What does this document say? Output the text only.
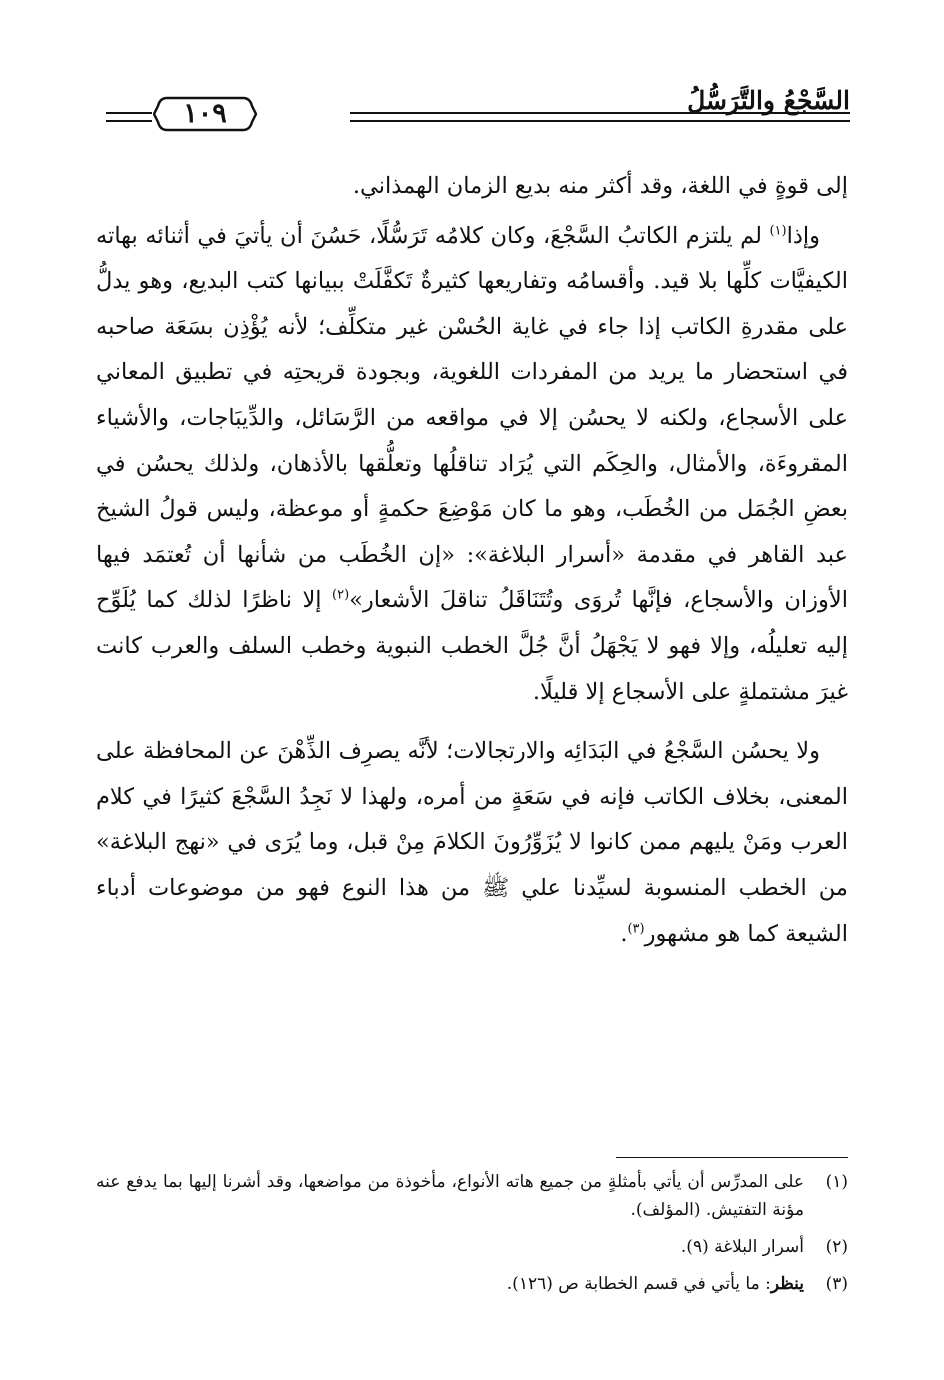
السَّجْعُ والتَّرَسُّلُ
١٠٩

إلى قوةٍ في اللغة، وقد أكثر منه بديع الزمان الهمذاني.

وإذا$^{(١)}$ لم يلتزم الكاتبُ السَّجْعَ، وكان كلامُه تَرَسُّلًا، حَسُنَ أن يأتيَ في أثنائه بهاته الكيفيَّات كلِّها بلا قيد. وأقسامُه وتفاريعها كثيرةٌ تَكفَّلَتْ ببيانها كتب البديع، وهو يدلُّ على مقدرةِ الكاتب إذا جاء في غاية الحُسْن غير متكلِّف؛ لأنه يُؤْذِن بسَعَة صاحبه في استحضار ما يريد من المفردات اللغوية، وبجودة قريحتِه في تطبيق المعاني على الأسجاع، ولكنه لا يحسُن إلا في مواقعه من الرَّسَائل، والدِّيبَاجات، والأشياء المقروءَة، والأمثال، والحِكَم التي يُرَاد تناقلُها وتعلُّقها بالأذهان، ولذلك يحسُن في بعضِ الجُمَل من الخُطَب، وهو ما كان مَوْضِعَ حكمةٍ أو موعظة، وليس قولُ الشيخ عبد القاهر في مقدمة «أسرار البلاغة»: «إن الخُطَب من شأنها أن تُعتمَد فيها الأوزان والأسجاع، فإنَّها تُروَى وتُتَنَاقَلُ تناقلَ الأشعار»$^{(٢)}$ إلا ناظرًا لذلك كما يُلَوِّح إليه تعليلُه، وإلا فهو لا يَجْهَلُ أنَّ جُلَّ الخطب النبوية وخطب السلف والعرب كانت غيرَ مشتملةٍ على الأسجاع إلا قليلًا.

ولا يحسُن السَّجْعُ في البَدَائِه والارتجالات؛ لأنَّه يصرِف الذِّهْنَ عن المحافظة على المعنى، بخلاف الكاتب فإنه في سَعَةٍ من أمره، ولهذا لا نَجِدُ السَّجْعَ كثيرًا في كلام العرب ومَنْ يليهم ممن كانوا لا يُزَوِّرُونَ الكلامَ مِنْ قبل، وما يُرَى في «نهج البلاغة» من الخطب المنسوبة لسيِّدنا علي ﷺ من هذا النوع فهو من موضوعات أدباء الشيعة كما هو مشهور$^{(٣)}$.

(١)
على المدرِّس أن يأتي بأمثلةٍ من جميع هاته الأنواع، مأخوذة من مواضعها، وقد أشرنا إليها بما يدفع عنه مؤنة التفتيش. (المؤلف).
(٢)
أسرار البلاغة (٩).
(٣)
ينظر: ما يأتي في قسم الخطابة ص (١٢٦).
